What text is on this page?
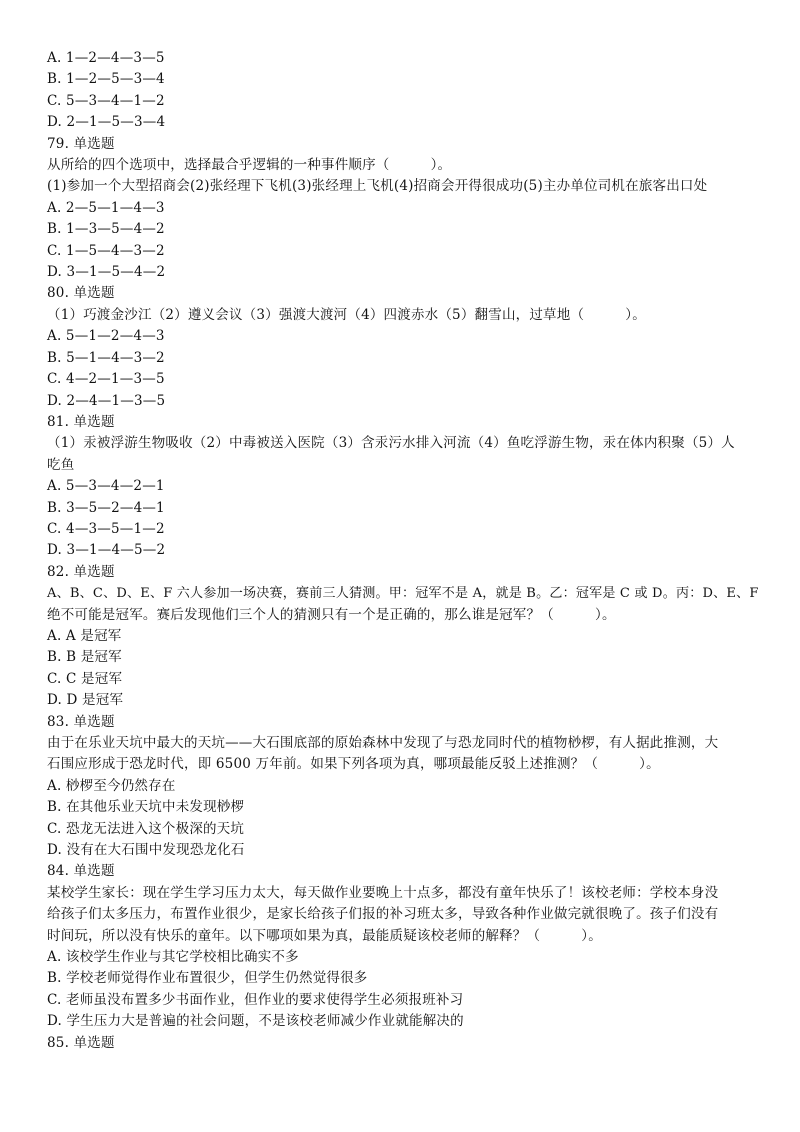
A. 1—2—4—3—5
B. 1—2—5—3—4
C. 5—3—4—1—2
D. 2—1—5—3—4
79. 单选题
从所给的四个选项中，选择最合乎逻辑的一种事件顺序（　　　）。
(1)参加一个大型招商会(2)张经理下飞机(3)张经理上飞机(4)招商会开得很成功(5)主办单位司机在旅客出口处
A. 2—5—1—4—3
B. 1—3—5—4—2
C. 1—5—4—3—2
D. 3—1—5—4—2
80. 单选题
（1）巧渡金沙江（2）遵义会议（3）强渡大渡河（4）四渡赤水（5）翻雪山，过草地（　　　）。
A. 5—1—2—4—3
B. 5—1—4—3—2
C. 4—2—1—3—5
D. 2—4—1—3—5
81. 单选题
（1）汞被浮游生物吸收（2）中毒被送入医院（3）含汞污水排入河流（4）鱼吃浮游生物，汞在体内积聚（5）人
吃鱼
A. 5—3—4—2—1
B. 3—5—2—4—1
C. 4—3—5—1—2
D. 3—1—4—5—2
82. 单选题
A、B、C、D、E、F 六人参加一场决赛，赛前三人猜测。甲：冠军不是 A，就是 B。乙：冠军是 C 或 D。丙：D、E、F
绝不可能是冠军。赛后发现他们三个人的猜测只有一个是正确的，那么谁是冠军？（　　　）。
A. A 是冠军
B. B 是冠军
C. C 是冠军
D. D 是冠军
83. 单选题
由于在乐业天坑中最大的天坑——大石围底部的原始森林中发现了与恐龙同时代的植物桫椤，有人据此推测，大
石围应形成于恐龙时代，即 6500 万年前。如果下列各项为真，哪项最能反驳上述推测？（　　　）。
A. 桫椤至今仍然存在
B. 在其他乐业天坑中未发现桫椤
C. 恐龙无法进入这个极深的天坑
D. 没有在大石围中发现恐龙化石
84. 单选题
某校学生家长：现在学生学习压力太大，每天做作业要晚上十点多，都没有童年快乐了！该校老师：学校本身没
给孩子们太多压力，布置作业很少，是家长给孩子们报的补习班太多，导致各种作业做完就很晚了。孩子们没有
时间玩，所以没有快乐的童年。以下哪项如果为真，最能质疑该校老师的解释？（　　　）。
A. 该校学生作业与其它学校相比确实不多
B. 学校老师觉得作业布置很少，但学生仍然觉得很多
C. 老师虽没布置多少书面作业，但作业的要求使得学生必须报班补习
D. 学生压力大是普遍的社会问题，不是该校老师减少作业就能解决的
85. 单选题
